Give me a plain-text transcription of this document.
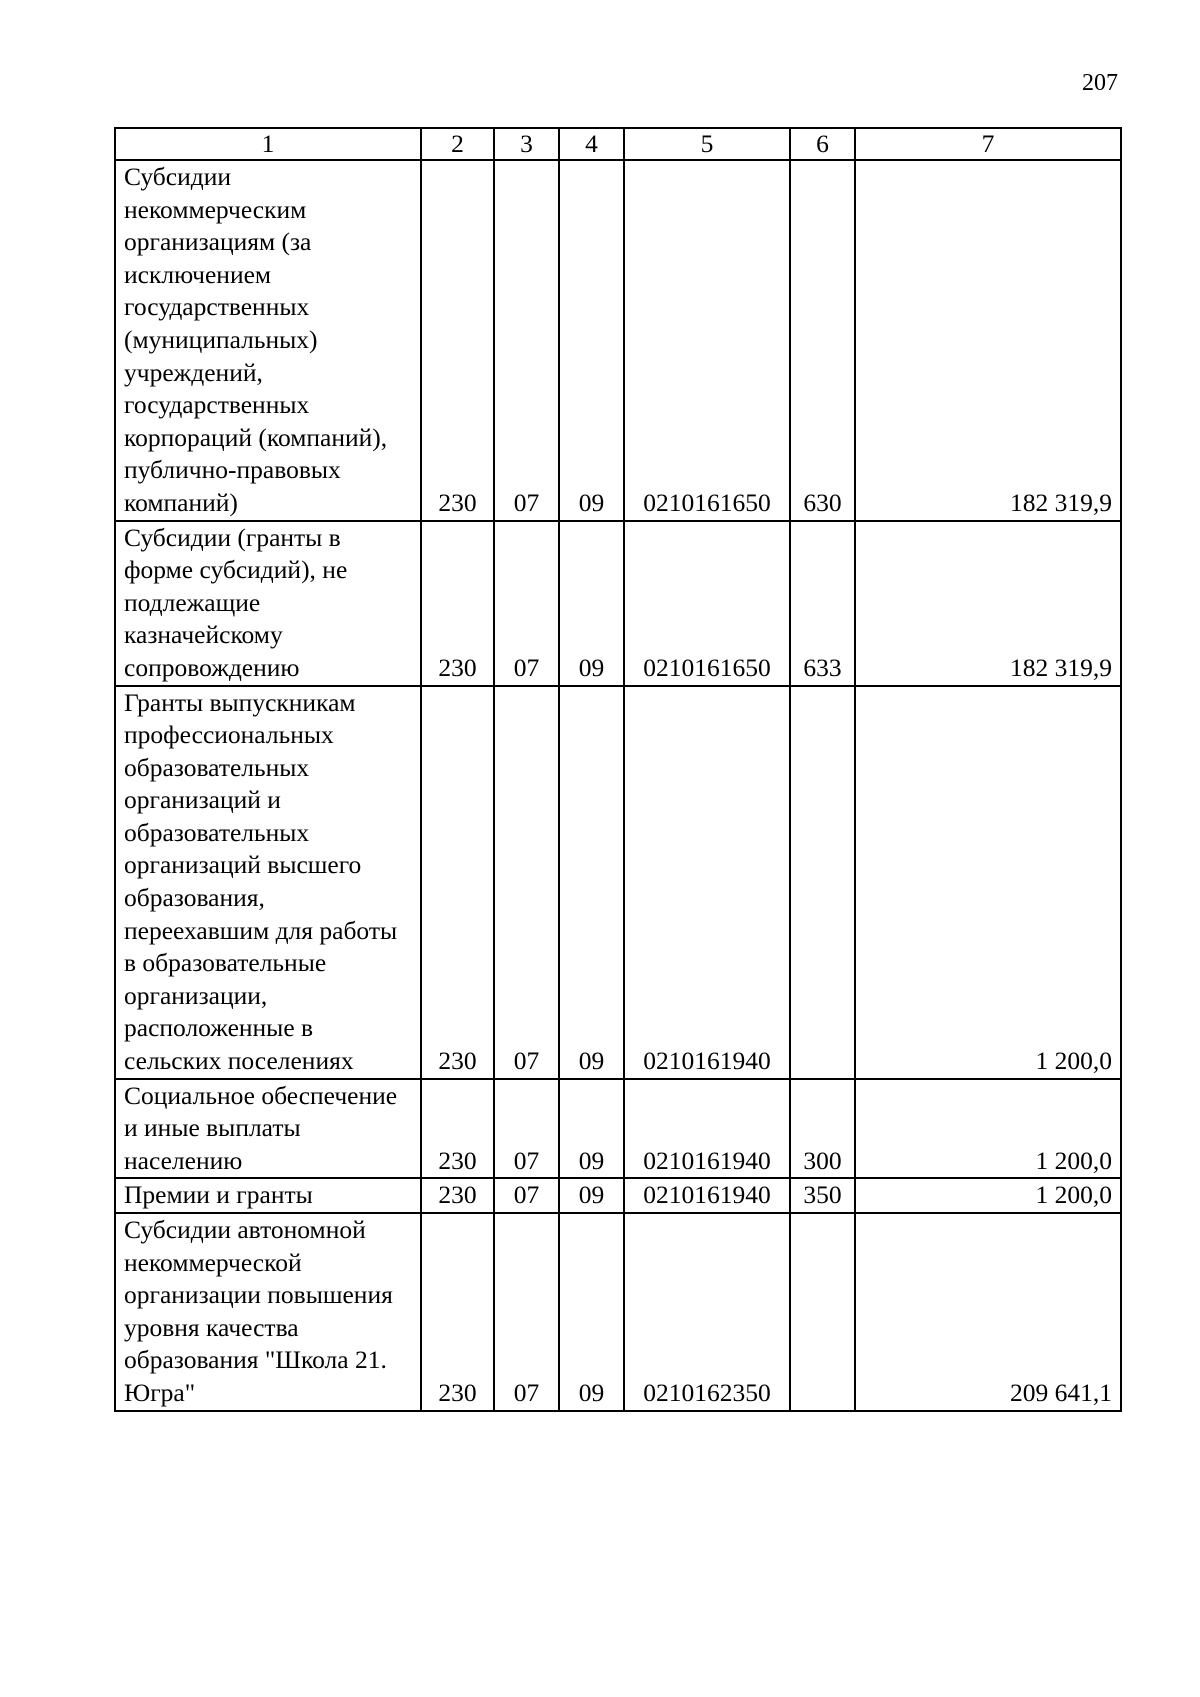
207
1	2	3	4	5	6	7

Субсидии некоммерческим организациям (за исключением государственных (муниципальных) учреждений, государственных корпораций (компаний), публично-правовых компаний)	230	07	09	0210161650	630	182 319,9

Субсидии (гранты в форме субсидий), не подлежащие казначейскому сопровождению	230	07	09	0210161650	633	182 319,9

Гранты выпускникам профессиональных образовательных организаций и образовательных организаций высшего образования, переехавшим для работы в образовательные организации, расположенные в сельских поселениях	230	07	09	0210161940		1 200,0

Социальное обеспечение и иные выплаты населению	230	07	09	0210161940	300	1 200,0

Премии и гранты	230	07	09	0210161940	350	1 200,0

Субсидии автономной некоммерческой организации повышения уровня качества образования "Школа 21. Югра"	230	07	09	0210162350		209 641,1
